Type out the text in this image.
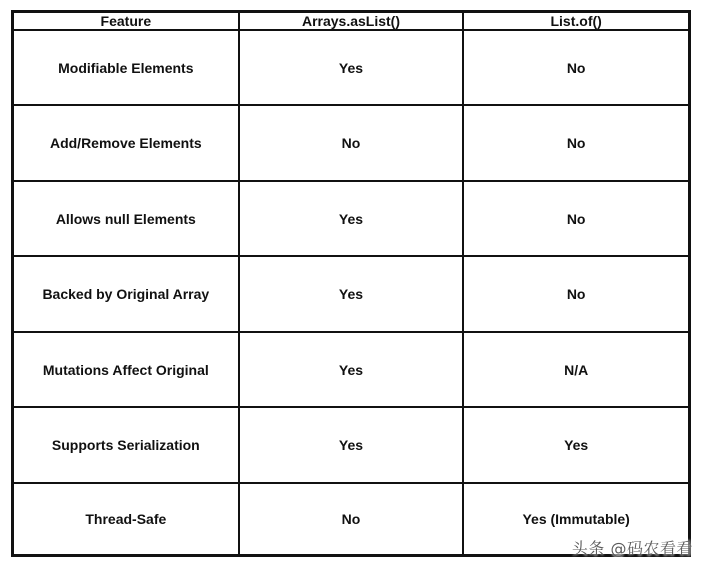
Feature	Arrays.asList()	List.of()
Modifiable Elements	Yes	No
Add/Remove Elements	No	No
Allows null Elements	Yes	No
Backed by Original Array	Yes	No
Mutations Affect Original	Yes	N/A
Supports Serialization	Yes	Yes
Thread-Safe	No	Yes (Immutable)
头条 @码农看看
